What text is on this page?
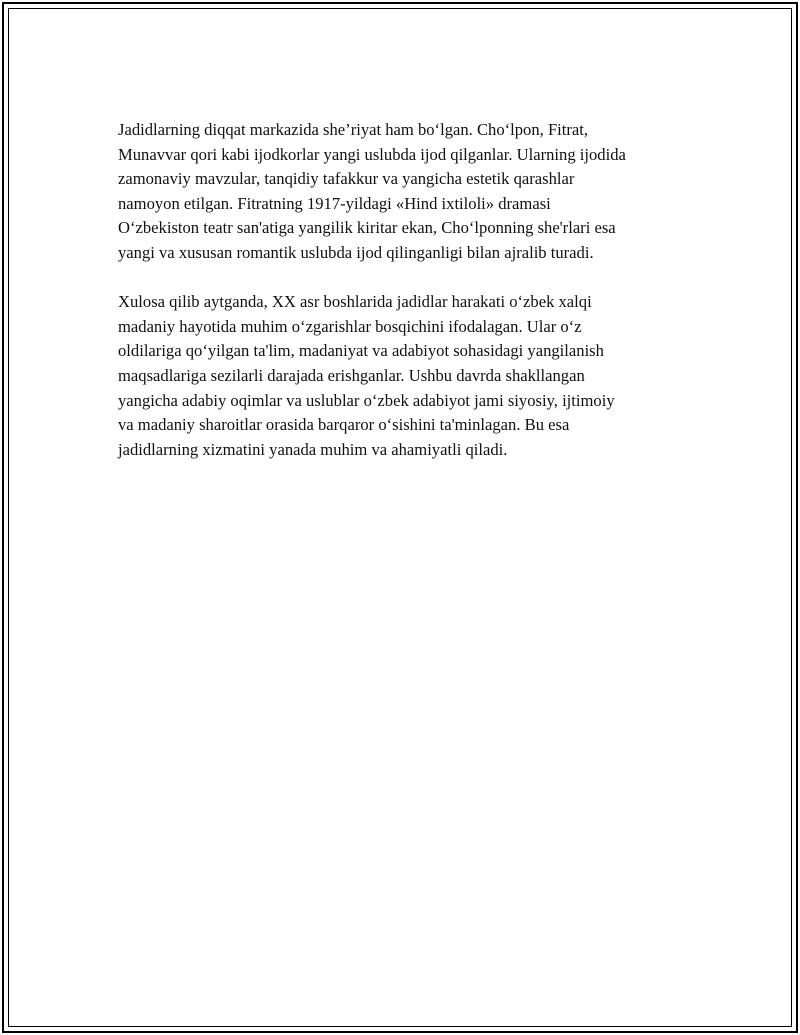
Jadidlarning diqqat markazida she’riyat ham bo‘lgan. Cho‘lpon, Fitrat,
Munavvar qori kabi ijodkorlar yangi uslubda ijod qilganlar. Ularning ijodida
zamonaviy mavzular, tanqidiy tafakkur va yangicha estetik qarashlar
namoyon etilgan. Fitratning 1917-yildagi «Hind ixtiloli» dramasi
O‘zbekiston teatr san'atiga yangilik kiritar ekan, Cho‘lponning she'rlari esa
yangi va xususan romantik uslubda ijod qilinganligi bilan ajralib turadi.

Xulosa qilib aytganda, XX asr boshlarida jadidlar harakati o‘zbek xalqi
madaniy hayotida muhim o‘zgarishlar bosqichini ifodalagan. Ular o‘z
oldilariga qo‘yilgan ta'lim, madaniyat va adabiyot sohasidagi yangilanish
maqsadlariga sezilarli darajada erishganlar. Ushbu davrda shakllangan
yangicha adabiy oqimlar va uslublar o‘zbek adabiyot jami siyosiy, ijtimoiy
va madaniy sharoitlar orasida barqaror o‘sishini ta'minlagan. Bu esa
jadidlarning xizmatini yanada muhim va ahamiyatli qiladi.
